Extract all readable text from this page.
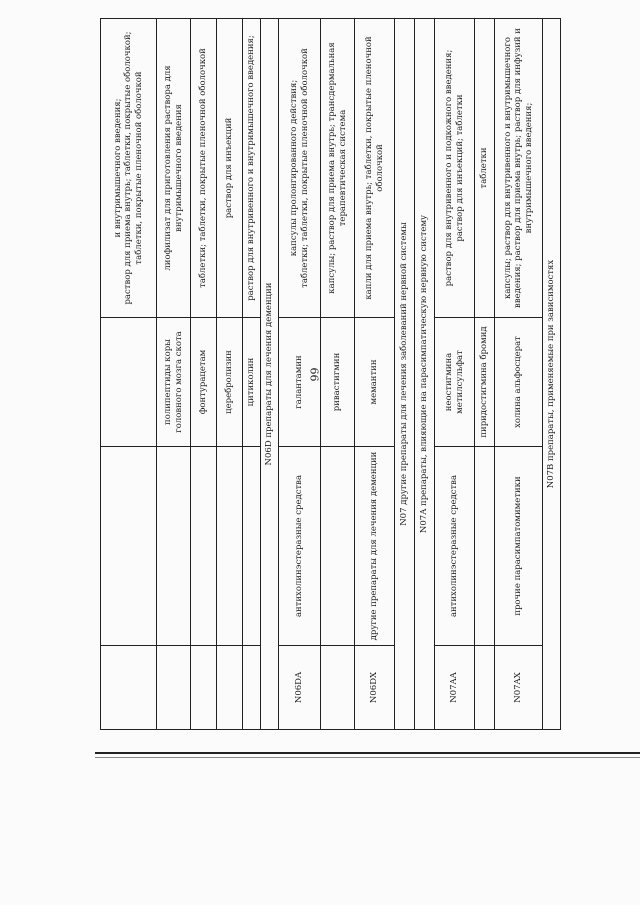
66
			и внутримышечного введения;
раствор для приема внутрь; таблетки, покрытые оболочкой;
таблетки, покрытые пленочной оболочкой
		полипептиды коры головного мозга скота	лиофилизат для приготовления раствора для внутримышечного введения
		фонтурацетам	таблетки; таблетки, покрытые пленочной оболочкой
		церебролизин	раствор для инъекций
		цитиколин	раствор для внутривенного и внутримышечного введения;
N06D препараты для лечения деменции			
N06DA	антихолинэстеразные средства	галантамин	капсулы пролонгированного действия;
таблетки; таблетки, покрытые пленочной оболочкой
		ривастигмин	капсулы; раствор для приема внутрь; трансдермальная терапевтическая система
N06DX	другие препараты для лечения деменции	мемантин	капли для приема внутрь; таблетки, покрытые пленочной оболочкой
N07 другие препараты для лечения заболеваний нервной системы			
N07A препараты, влияющие на парасимпатическую нервную систему			
N07AA	антихолинэстеразные средства	неостигмина метилсульфат	раствор для внутривенного и подкожного введения;
раствор для инъекций; таблетки
		пиридостигмина бромид	таблетки
N07AX	прочие парасимпатомиметики	холина альфосцерат	капсулы; раствор для внутривенного и внутримышечного введения; раствор для приема внутрь; раствор для инфузий и внутримышечного введения;
N07B препараты, применяемые при зависимостях			
